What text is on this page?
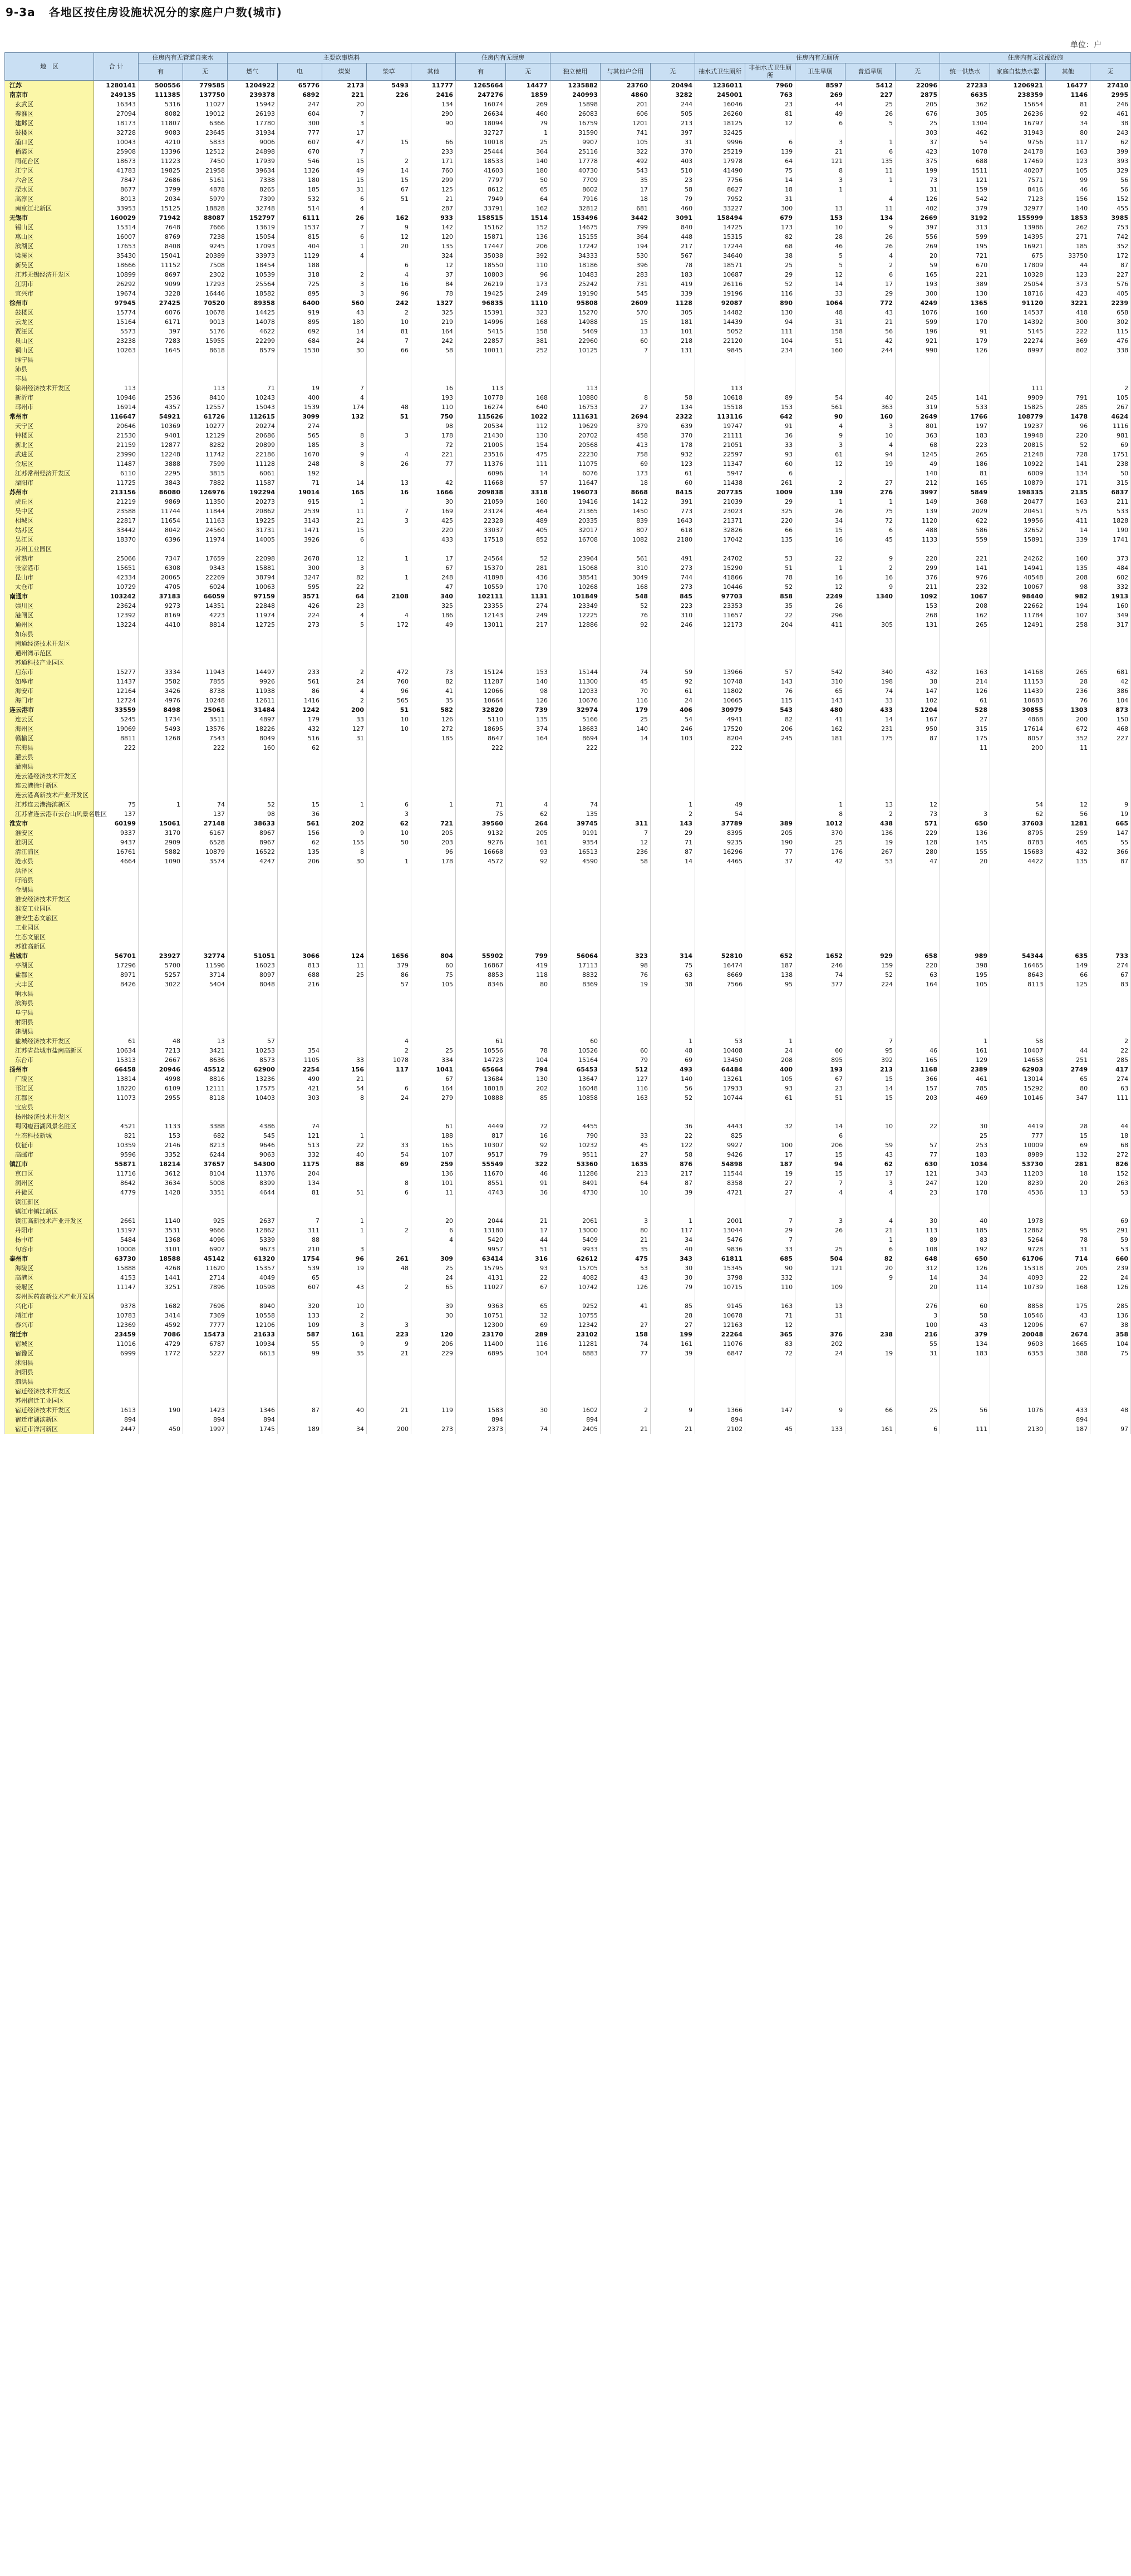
9-3a 各地区按住房设施状况分的家庭户户数(城市)
单位：户
地　区	合 计	住房内有无管道自来水		主要炊事燃料					住房内有无厨房					住房内有无厕所					住房内有无洗澡设施			
		有	无	燃气	电	煤炭	柴草	其他	有	无	独立使用	与其他户合用	无	抽水式卫生厕所	非抽水式卫生厕所	卫生旱厕	普通旱厕	无	统一供热水	家庭自装热水器	其他	无
江苏	1280141	500556	779585	1204922	65776	2173	5493	11777	1265664	14477	1235882	23760	20494	1236011	7960	8597	5412	22096	27233	1206921	16477	27410
南京市	249135	111385	137750	239378	6892	221	226	2416	247276	1859	240993	4860	3282	245001	763	269	227	2875	6635	238359	1146	2995
玄武区	16343	5316	11027	15942	247	20		134	16074	269	15898	201	244	16046	23	44	25	205	362	15654	81	246
秦淮区	27094	8082	19012	26193	604	7		290	26634	460	26083	606	505	26260	81	49	26	676	305	26236	92	461
建邺区	18173	11807	6366	17780	300	3		90	18094	79	16759	1201	213	18125	12	6	5	25	1304	16797	34	38
鼓楼区	32728	9083	23645	31934	777	17			32727	1	31590	741	397	32425				303	462	31943	80	243
浦口区	10043	4210	5833	9006	607	47	15	66	10018	25	9907	105	31	9996	6	3	1	37	54	9756	117	62
栖霞区	25908	13396	12512	24898	670	7		233	25444	364	25116	322	370	25219	139	21	6	423	1078	24178	163	399
雨花台区	18673	11223	7450	17939	546	15	2	171	18533	140	17778	492	403	17978	64	121	135	375	688	17469	123	393
江宁区	41783	19825	21958	39634	1326	49	14	760	41603	180	40730	543	510	41490	75	8	11	199	1511	40207	105	329
六合区	7847	2686	5161	7338	180	15	15	299	7797	50	7709	35	23	7756	14	3	1	73	121	7571	99	56
溧水区	8677	3799	4878	8265	185	31	67	125	8612	65	8602	17	58	8627	18	1		31	159	8416	46	56
高淳区	8013	2034	5979	7399	532	6	51	21	7949	64	7916	18	79	7952	31		4	126	542	7123	156	152
南京江北新区	33953	15125	18828	32748	514	4		287	33791	162	32812	681	460	33227	300	13	11	402	379	32977	140	455
无锡市	160029	71942	88087	152797	6111	26	162	933	158515	1514	153496	3442	3091	158494	679	153	134	2669	3192	155999	1853	3985
锡山区	15314	7648	7666	13619	1537	7	9	142	15162	152	14675	799	840	14725	173	10	9	397	313	13986	262	753
惠山区	16007	8769	7238	15054	815	6	12	120	15871	136	15155	364	448	15315	82	28	26	556	599	14395	271	742
滨湖区	17653	8408	9245	17093	404	1	20	135	17447	206	17242	194	217	17244	68	46	26	269	195	16921	185	352
梁溪区	35430	15041	20389	33973	1129	4		324	35038	392	34333	530	567	34640	38	5	4	20	721	675	33750	172
新吴区	18666	11152	7508	18454	188		6	12	18550	110	18186	396	78	18571	25	5	2	59	670	17809	44	87
江苏无锡经济开发区	10899	8697	2302	10539	318	2	4	37	10803	96	10483	283	183	10687	29	12	6	165	221	10328	123	227
江阴市	26292	9099	17293	25564	725	3	16	84	26219	173	25242	731	419	26116	52	14	17	193	389	25054	373	576
宜兴市	19674	3228	16446	18582	895	3	96	78	19425	249	19190	545	339	19196	116	33	29	300	130	18716	423	405
徐州市	97945	27425	70520	89358	6400	560	242	1327	96835	1110	95808	2609	1128	92087	890	1064	772	4249	1365	91120	3221	2239
鼓楼区	15774	6076	10678	14425	919	43	2	325	15391	323	15270	570	305	14482	130	48	43	1076	160	14537	418	658
云龙区	15164	6171	9013	14078	895	180	10	219	14996	168	14988	15	181	14439	94	31	21	599	170	14392	300	302
贾汪区	5573	397	5176	4622	692	14	81	164	5415	158	5469	13	101	5052	111	158	56	196	91	5145	222	115
泉山区	23238	7283	15955	22299	684	24	7	242	22857	381	22960	60	218	22120	104	51	42	921	179	22274	369	476
铜山区	10263	1645	8618	8579	1530	30	66	58	10011	252	10125	7	131	9845	234	160	244	990	126	8997	802	338
睢宁县																						
沛县																						
丰县																						
徐州经济技术开发区	113		113	71	19	7		16	113		113			113						111		2
新沂市	10946	2536	8410	10243	400	4		193	10778	168	10880	8	58	10618	89	54	40	245	141	9909	791	105
邳州市	16914	4357	12557	15043	1539	174	48	110	16274	640	16753	27	134	15518	153	561	363	319	533	15825	285	267
常州市	116647	54921	61726	112615	3099	132	51	750	115626	1022	111631	2694	2322	113116	642	90	160	2649	1766	108779	1478	4624
天宁区	20646	10369	10277	20274	274			98	20534	112	19629	379	639	19747	91	4	3	801	197	19237	96	1116
钟楼区	21530	9401	12129	20686	565	8	3	178	21430	130	20702	458	370	21111	36	9	10	363	183	19948	220	981
新北区	21159	12877	8282	20899	185	3		72	21005	154	20568	413	178	21051	33	3	4	68	223	20815	52	69
武进区	23990	12248	11742	22186	1670	9	4	221	23516	475	22230	758	932	22597	93	61	94	1245	265	21248	728	1751
金坛区	11487	3888	7599	11128	248	8	26	77	11376	111	11075	69	123	11347	60	12	19	49	186	10922	141	238
江苏常州经济开发区	6110	2295	3815	6061	192				6096	14	6076	173	61	5947	6			140	81	6009	134	50
溧阳市	11725	3843	7882	11587	71	14	13	42	11668	57	11647	18	60	11438	261	2	27	212	165	10879	171	315
苏州市	213156	86080	126976	192294	19014	165	16	1666	209838	3318	196073	8668	8415	207735	1009	139	276	3997	5849	198335	2135	6837
虎丘区	21219	9869	11350	20273	915	1		30	21059	160	19416	1412	391	21039	29	1	1	149	368	20477	163	211
吴中区	23588	11744	11844	20862	2539	11	7	169	23124	464	21365	1450	773	23023	325	26	75	139	2029	20451	575	533
相城区	22817	11654	11163	19225	3143	21	3	425	22328	489	20335	839	1643	21371	220	34	72	1120	622	19956	411	1828
姑苏区	33442	8042	24560	31731	1471	15		220	33037	405	32017	807	618	32826	66	15	6	488	586	32652	14	190
吴江区	18370	6396	11974	14005	3926	6		433	17518	852	16708	1082	2180	17042	135	16	45	1133	559	15891	339	1741
苏州工业园区																						
常熟市	25066	7347	17659	22098	2678	12	1	17	24564	52	23964	561	491	24702	53	22	9	220	221	24262	160	373
张家港市	15651	6308	9343	15881	300	3		67	15370	281	15068	310	273	15290	51	1	2	299	141	14941	135	484
昆山市	42334	20065	22269	38794	3247	82	1	248	41898	436	38541	3049	744	41866	78	16	16	376	976	40548	208	602
太仓市	10729	4705	6024	10063	595	22		47	10559	170	10268	168	273	10446	52	12	9	211	232	10067	98	332
南通市	103242	37183	66059	97159	3571	64	2108	340	102111	1131	101849	548	845	97703	858	2249	1340	1092	1067	98440	982	1913
崇川区	23624	9273	14351	22848	426	23		325	23355	274	23349	52	223	23353	35	26		153	208	22662	194	160
港闸区	12392	8169	4223	11974	224	4	4	186	12143	249	12225	76	310	11657	22	296		268	162	11784	107	349
通州区	13224	4410	8814	12725	273	5	172	49	13011	217	12886	92	246	12173	204	411	305	131	265	12491	258	317
如东县																						
南通经济技术开发区																						
通州湾示范区																						
苏通科技产业园区																						
启东市	15277	3334	11943	14497	233	2	472	73	15124	153	15144	74	59	13966	57	542	340	432	163	14168	265	681
如皋市	11437	3582	7855	9926	561	24	760	82	11287	140	11300	45	92	10748	143	310	198	38	214	11153	28	42
海安市	12164	3426	8738	11938	86	4	96	41	12066	98	12033	70	61	11802	76	65	74	147	126	11439	236	386
海门市	12724	4976	10248	12611	1416	2	565	35	10664	126	10676	116	24	10665	115	143	33	102	61	10683	76	104
连云港市	33559	8498	25061	31484	1242	200	51	582	32820	739	32974	179	406	30979	543	480	433	1204	528	30855	1303	873
连云区	5245	1734	3511	4897	179	33	10	126	5110	135	5166	25	54	4941	82	41	14	167	27	4868	200	150
海州区	19069	5493	13576	18226	432	127	10	272	18695	374	18683	140	246	17520	206	162	231	950	315	17614	672	468
赣榆区	8811	1268	7543	8049	516	31		185	8647	164	8694	14	103	8204	245	181	175	87	175	8057	352	227
东海县	222		222	160	62				222		222			222					11	200	11	
灌云县																						
灌南县																						
连云港经济技术开发区																						
连云港徐圩新区																						
连云港高新技术产业开发区																						
江苏连云港海滨新区	75	1	74	52	15	1	6	1	71	4	74		1	49		1	13	12		54	12	9
江苏省连云港市云台山风景名胜区	137		137	98	36		3		75	62	135		2	54		8	2	73	3	62	56	19
淮安市	60199	15061	27148	38633	561	202	62	721	39560	264	39745	311	143	37789	389	1012	438	571	650	37603	1281	665
淮安区	9337	3170	6167	8967	156	9	10	205	9132	205	9191	7	29	8395	205	370	136	229	136	8795	259	147
淮阴区	9437	2909	6528	8967	62	155	50	203	9276	161	9354	12	71	9235	190	25	19	128	145	8783	465	55
清江浦区	16761	5882	10879	16522	135	8		96	16668	93	16513	236	87	16296	77	176	267	280	155	15683	432	366
涟水县	4664	1090	3574	4247	206	30	1	178	4572	92	4590	58	14	4465	37	42	53	47	20	4422	135	87
洪泽区																						
盱眙县																						
金湖县																						
淮安经济技术开发区																						
淮安工业园区																						
淮安生态文旅区																						
工业园区																						
生态文旅区																						
苏淮高新区																						
盐城市	56701	23927	32774	51051	3066	124	1656	804	55902	799	56064	323	314	52810	652	1652	929	658	989	54344	635	733
亭湖区	17296	5700	11596	16023	813	11	379	60	16867	419	17113	98	75	16474	187	246	159	220	398	16465	149	274
盐都区	8971	5257	3714	8097	688	25	86	75	8853	118	8832	76	63	8669	138	74	52	63	195	8643	66	67
大丰区	8426	3022	5404	8048	216		57	105	8346	80	8369	19	38	7566	95	377	224	164	105	8113	125	83
响水县																						
滨海县																						
阜宁县																						
射阳县																						
建湖县																						
盐城经济技术开发区	61	48	13	57			4		61		60		1	53	1		7		1	58		2
江苏省盐城市盐南高新区	10634	7213	3421	10253	354		2	25	10556	78	10526	60	48	10408	24	60	95	46	161	10407	44	22
东台市	15313	2667	8636	8573	1105	33	1078	334	14723	104	15164	79	69	13450	208	895	392	165	129	14658	251	285
扬州市	66458	20946	45512	62900	2254	156	117	1041	65664	794	65453	512	493	64484	400	193	213	1168	2389	62903	2749	417
广陵区	13814	4998	8816	13236	490	21		67	13684	130	13647	127	140	13261	105	67	15	366	461	13014	65	274
邗江区	18220	6109	12111	17575	421	54	6	164	18018	202	16048	116	56	17933	93	23	14	157	785	15292	80	63
江都区	11073	2955	8118	10403	303	8	24	279	10888	85	10858	163	52	10744	61	51	15	203	469	10146	347	111
宝应县																						
扬州经济技术开发区																						
蜀冈瘦西湖风景名胜区	4521	1133	3388	4386	74			61	4449	72	4455		36	4443	32	14	10	22	30	4419	28	44
生态科技新城	821	153	682	545	121	1		188	817	16	790	33	22	825		6			25	777	15	18
仪征市	10359	2146	8213	9646	513	22	33	165	10307	92	10232	45	122	9927	100	206	59	57	253	10009	69	68
高邮市	9596	3352	6244	9063	332	40	54	107	9517	79	9511	27	58	9426	17	15	43	77	183	8989	132	272
镇江市	55871	18214	37657	54300	1175	88	69	259	55549	322	53360	1635	876	54898	187	94	62	630	1034	53730	281	826
京口区	11716	3612	8104	11376	204			136	11670	46	11286	213	217	11544	19	15	17	121	343	11203	18	152
润州区	8642	3634	5008	8399	134		8	101	8551	91	8491	64	87	8358	27	7	3	247	120	8239	20	263
丹徒区	4779	1428	3351	4644	81	51	6	11	4743	36	4730	10	39	4721	27	4	4	23	178	4536	13	53
镇江新区																						
镇江市镇江新区																						
镇江高新技术产业开发区	2661	1140	925	2637	7	1		20	2044	21	2061	3	1	2001	7	3	4	30	40	1978		69
丹阳市	13197	3531	9666	12862	311	1	2	6	13180	17	13000	80	117	13044	29	26	21	113	185	12862	95	291
扬中市	5484	1368	4096	5339	88			4	5420	44	5409	21	34	5476	7		1	89	83	5264	78	59
句容市	10008	3101	6907	9673	210	3			9957	51	9933	35	40	9836	33	25	6	108	192	9728	31	53
泰州市	63730	18588	45142	61320	1754	96	261	309	63414	316	62612	475	343	61811	685	504	82	648	650	61706	714	660
海陵区	15888	4268	11620	15357	539	19	48	25	15795	93	15705	53	30	15345	90	121	20	312	126	15318	205	239
高港区	4153	1441	2714	4049	65			24	4131	22	4082	43	30	3798	332		9	14	34	4093	22	24
姜堰区	11147	3251	7896	10598	607	43	2	65	11027	67	10742	126	79	10715	110	109		20	114	10739	168	126
泰州医药高新技术产业开发区																						
兴化市	9378	1682	7696	8940	320	10		39	9363	65	9252	41	85	9145	163	13		276	60	8858	175	285
靖江市	10783	3414	7369	10558	133	2		30	10751	32	10755		28	10678	71	31		3	58	10546	43	136
泰兴市	12369	4592	7777	12106	109	3	3		12300	69	12342	27	27	12163	12			100	43	12096	67	38
宿迁市	23459	7086	15473	21633	587	161	223	120	23170	289	23102	158	199	22264	365	376	238	216	379	20048	2674	358
宿城区	11016	4729	6787	10934	55	9	9	206	11400	116	11281	74	161	11076	83	202		55	134	9603	1665	104
宿豫区	6999	1772	5227	6613	99	35	21	229	6895	104	6883	77	39	6847	72	24	19	31	183	6353	388	75
沭阳县																						
泗阳县																						
泗洪县																						
宿迁经济技术开发区																						
苏州宿迁工业园区																						
宿迁经济技术开发区	1613	190	1423	1346	87	40	21	119	1583	30	1602	2	9	1366	147	9	66	25	56	1076	433	48
宿迁市湖滨新区	894		894	894					894		894			894							894	
宿迁市洋河新区	2447	450	1997	1745	189	34	200	273	2373	74	2405	21	21	2102	45	133	161	6	111	2130	187	97
